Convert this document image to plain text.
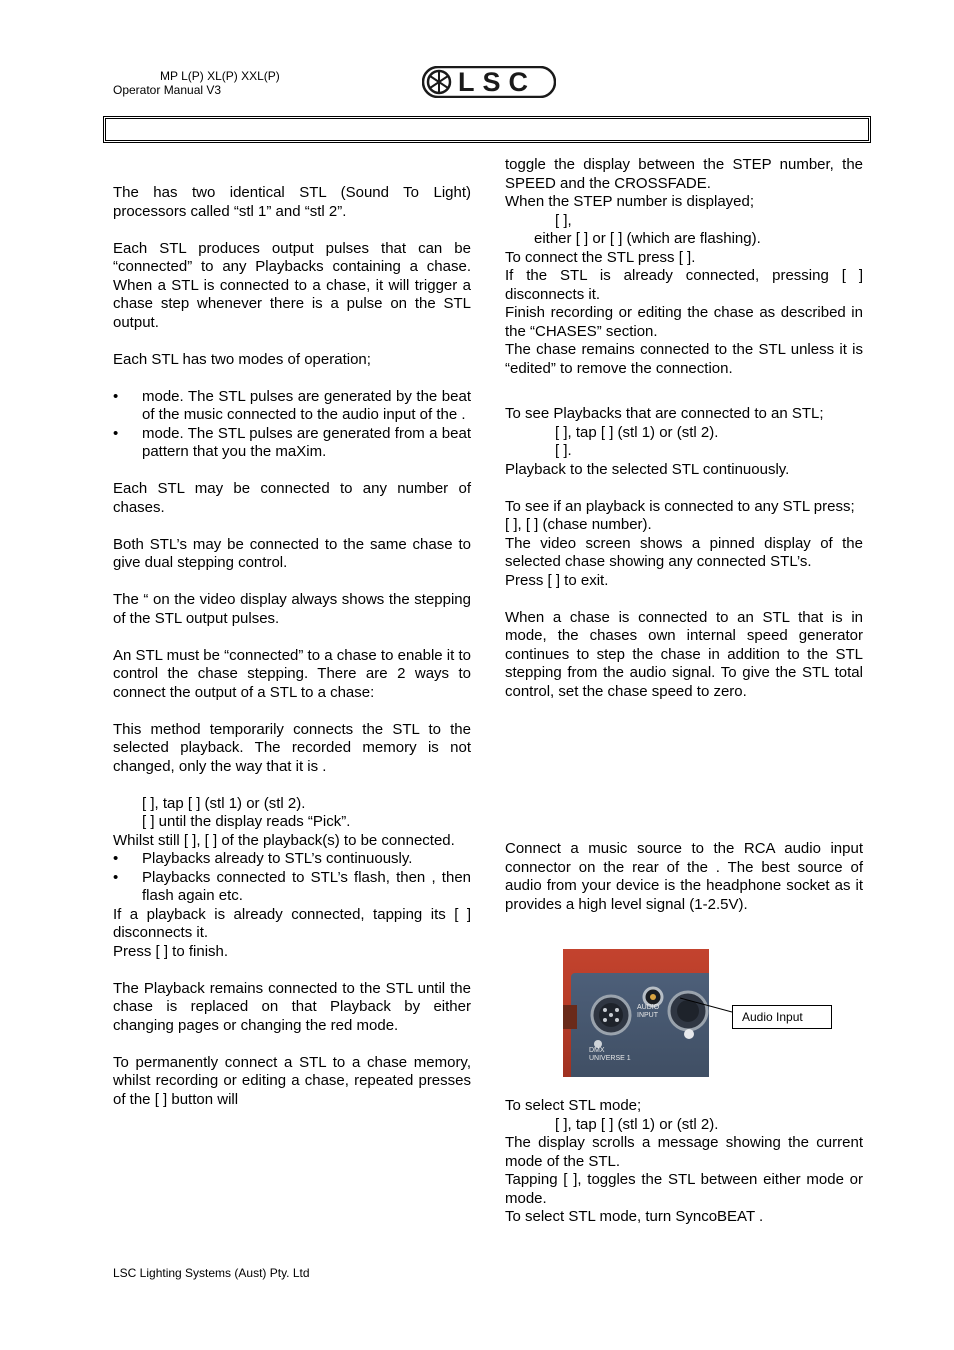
MP L(P) XL(P) XXL(P)
Operator Manual V3	LSC

The has two identical STL (Sound To Light) processors called “stl 1” and “stl 2”.

Each STL produces output pulses that can be “connected” to any Playbacks containing a chase. When a STL is connected to a chase, it will trigger a chase step whenever there is a pulse on the STL output.

Each STL has two modes of operation;

• mode. The STL pulses are generated by the beat of the music connected to the audio input of the .
• mode. The STL pulses are generated from a beat pattern that you the maXim.

Each STL may be connected to any number of chases.

Both STL’s may be connected to the same chase to give dual stepping control.

The “ on the video display always shows the stepping of the STL output pulses.

An STL must be “connected” to a chase to enable it to control the chase stepping. There are 2 ways to connect the output of a STL to a chase:

This method temporarily connects the STL to the selected playback. The recorded memory is not changed, only the way that it is .

[ ], tap [ ] (stl 1) or (stl 2).

[ ] until the display reads “Pick”.

Whilst still [ ], [ ] of the playback(s) to be connected.

• Playbacks already to STL’s continuously.
• Playbacks connected to STL’s flash, then , then flash again etc.

If a playback is already connected, tapping its [ ] disconnects it.

Press [ ] to finish.

The Playback remains connected to the STL until the chase is replaced on that Playback by either changing pages or changing the red mode.

To permanently connect a STL to a chase memory, whilst recording or editing a chase, repeated presses of the [ ] button will

toggle the display between the STEP number, the SPEED and the CROSSFADE.

When the STEP number is displayed;

[ ],

either [ ] or [ ] (which are flashing).

To connect the STL press [ ].

If the STL is already connected, pressing [ ] disconnects it.

Finish recording or editing the chase as described in the “CHASES” section.

The chase remains connected to the STL unless it is “edited” to remove the connection.

To see Playbacks that are connected to an STL;

[ ], tap [ ] (stl 1) or (stl 2).

[ ].

Playback to the selected STL continuously.

To see if an playback is connected to any STL press;

[ ], [ ] (chase number).

The video screen shows a pinned display of the selected chase showing any connected STL’s.

Press [ ] to exit.

When a chase is connected to an STL that is in mode, the chases own internal speed generator continues to step the chase in addition to the STL stepping from the audio signal. To give the STL total control, set the chase speed to zero.

Connect a music source to the RCA audio input connector on the rear of the . The best source of audio from your device is the headphone socket as it provides a high level signal (1-2.5V).

AUDIO
INPUT
DMX
UNIVERSE 1
Audio Input

To select STL mode;

[ ], tap [ ] (stl 1) or (stl 2).

The display scrolls a message showing the current mode of the STL.

Tapping [ ], toggles the STL between either mode or mode.

To select STL mode, turn SyncoBEAT .

LSC Lighting Systems (Aust) Pty. Ltd
